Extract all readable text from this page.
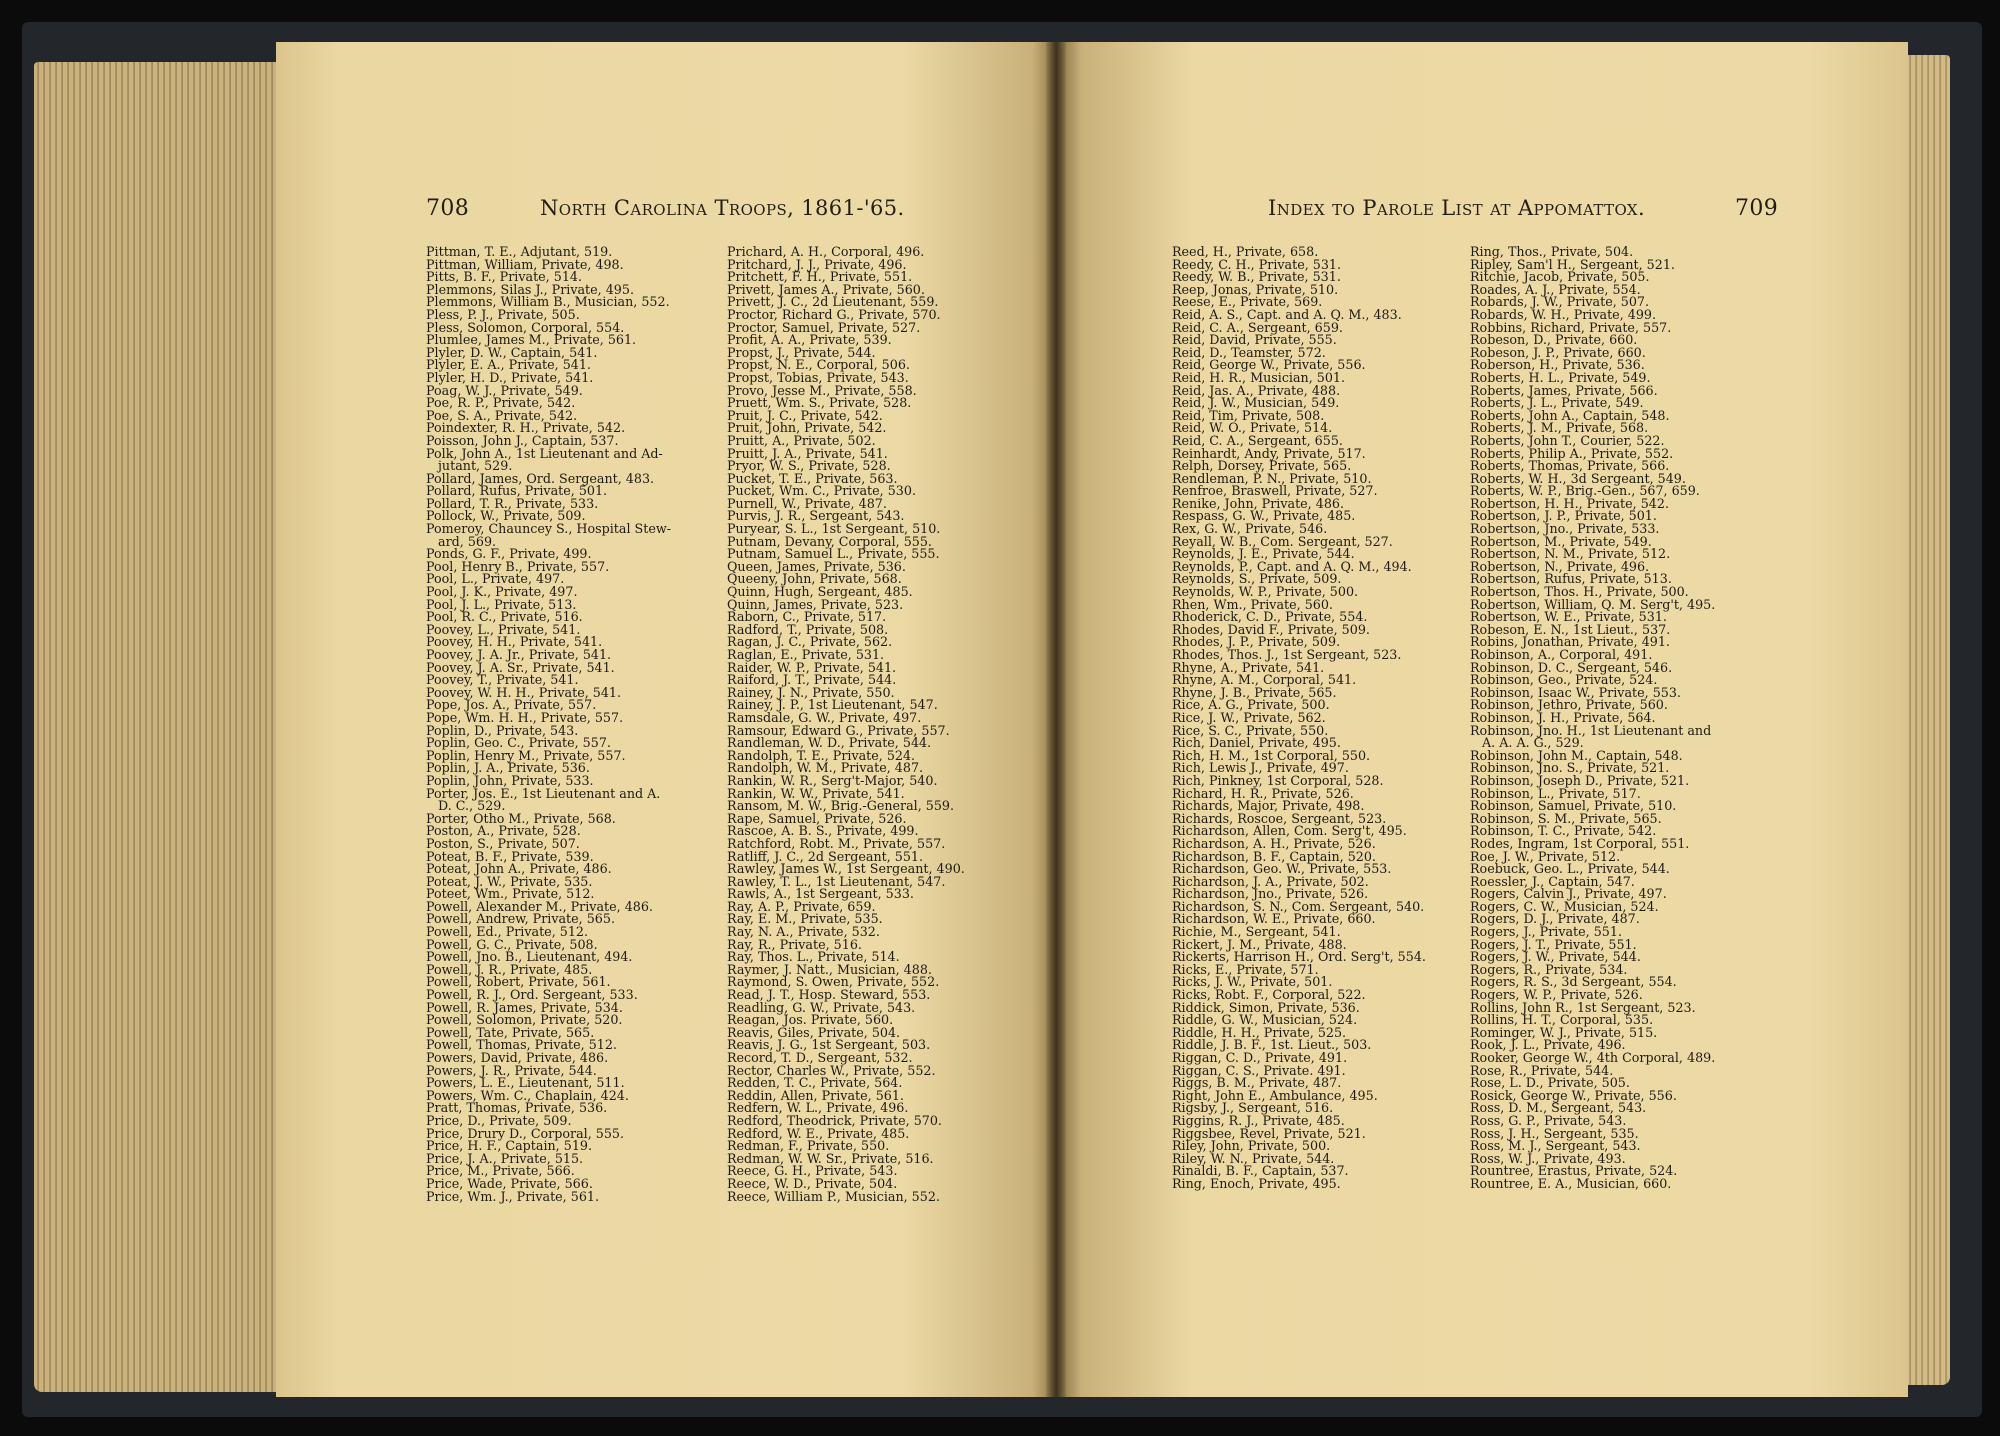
708	North Carolina Troops, 1861-'65.	Index to Parole List at Appomattox.	709
Pittman, T. E., Adjutant, 519.
Pittman, William, Private, 498.
Pitts, B. F., Private, 514.
Plemmons, Silas J., Private, 495.
Plemmons, William B., Musician, 552.
Pless, P. J., Private, 505.
Pless, Solomon, Corporal, 554.
Plumlee, James M., Private, 561.
Plyler, D. W., Captain, 541.
Plyler, E. A., Private, 541.
Plyler, H. D., Private, 541.
Poag, W. J., Private, 549.
Poe, R. P., Private, 542.
Poe, S. A., Private, 542.
Poindexter, R. H., Private, 542.
Poisson, John J., Captain, 537.
Polk, John A., 1st Lieutenant and Ad-
jutant, 529.
Pollard, James, Ord. Sergeant, 483.
Pollard, Rufus, Private, 501.
Pollard, T. R., Private, 533.
Pollock, W., Private, 509.
Pomeroy, Chauncey S., Hospital Stew-
ard, 569.
Ponds, G. F., Private, 499.
Pool, Henry B., Private, 557.
Pool, L., Private, 497.
Pool, J. K., Private, 497.
Pool, J. L., Private, 513.
Pool, R. C., Private, 516.
Poovey, L., Private, 541.
Poovey, H. H., Private, 541.
Poovey, J. A. Jr., Private, 541.
Poovey, J. A. Sr., Private, 541.
Poovey, T., Private, 541.
Poovey, W. H. H., Private, 541.
Pope, Jos. A., Private, 557.
Pope, Wm. H. H., Private, 557.
Poplin, D., Private, 543.
Poplin, Geo. C., Private, 557.
Poplin, Henry M., Private, 557.
Poplin, J. A., Private, 536.
Poplin, John, Private, 533.
Porter, Jos. E., 1st Lieutenant and A.
D. C., 529.
Porter, Otho M., Private, 568.
Poston, A., Private, 528.
Poston, S., Private, 507.
Poteat, B. F., Private, 539.
Poteat, John A., Private, 486.
Poteat, J. W., Private, 535.
Poteet, Wm., Private, 512.
Powell, Alexander M., Private, 486.
Powell, Andrew, Private, 565.
Powell, Ed., Private, 512.
Powell, G. C., Private, 508.
Powell, Jno. B., Lieutenant, 494.
Powell, J. R., Private, 485.
Powell, Robert, Private, 561.
Powell, R. J., Ord. Sergeant, 533.
Powell, R. James, Private, 534.
Powell, Solomon, Private, 520.
Powell, Tate, Private, 565.
Powell, Thomas, Private, 512.
Powers, David, Private, 486.
Powers, J. R., Private, 544.
Powers, L. E., Lieutenant, 511.
Powers, Wm. C., Chaplain, 424.
Pratt, Thomas, Private, 536.
Price, D., Private, 509.
Price, Drury D., Corporal, 555.
Price, H. F., Captain, 519.
Price, J. A., Private, 515.
Price, M., Private, 566.
Price, Wade, Private, 566.
Price, Wm. J., Private, 561.
Prichard, A. H., Corporal, 496.
Pritchard, J. J., Private, 496.
Pritchett, F. H., Private, 551.
Privett, James A., Private, 560.
Privett, J. C., 2d Lieutenant, 559.
Proctor, Richard G., Private, 570.
Proctor, Samuel, Private, 527.
Profit, A. A., Private, 539.
Propst, J., Private, 544.
Propst, N. E., Corporal, 506.
Propst, Tobias, Private, 543.
Provo, Jesse M., Private, 558.
Pruett, Wm. S., Private, 528.
Pruit, J. C., Private, 542.
Pruit, John, Private, 542.
Pruitt, A., Private, 502.
Pruitt, J. A., Private, 541.
Pryor, W. S., Private, 528.
Pucket, T. E., Private, 563.
Pucket, Wm. C., Private, 530.
Purnell, W., Private, 487.
Purvis, J. R., Sergeant, 543.
Puryear, S. L., 1st Sergeant, 510.
Putnam, Devany, Corporal, 555.
Putnam, Samuel L., Private, 555.
Queen, James, Private, 536.
Queeny, John, Private, 568.
Quinn, Hugh, Sergeant, 485.
Quinn, James, Private, 523.
Raborn, C., Private, 517.
Radford, T., Private, 508.
Ragan, J. C., Private, 562.
Raglan, E., Private, 531.
Raider, W. P., Private, 541.
Raiford, J. T., Private, 544.
Rainey, J. N., Private, 550.
Rainey, J. P., 1st Lieutenant, 547.
Ramsdale, G. W., Private, 497.
Ramsour, Edward G., Private, 557.
Randleman, W. D., Private, 544.
Randolph, T. E., Private, 524.
Randolph, W. M., Private, 487.
Rankin, W. R., Serg't-Major, 540.
Rankin, W. W., Private, 541.
Ransom, M. W., Brig.-General, 559.
Rape, Samuel, Private, 526.
Rascoe, A. B. S., Private, 499.
Ratchford, Robt. M., Private, 557.
Ratliff, J. C., 2d Sergeant, 551.
Rawley, James W., 1st Sergeant, 490.
Rawley, T. L., 1st Lieutenant, 547.
Rawls, A., 1st Sergeant, 533.
Ray, A. P., Private, 659.
Ray, E. M., Private, 535.
Ray, N. A., Private, 532.
Ray, R., Private, 516.
Ray, Thos. L., Private, 514.
Raymer, J. Natt., Musician, 488.
Raymond, S. Owen, Private, 552.
Read, J. T., Hosp. Steward, 553.
Readling, G. W., Private, 543.
Reagan, Jos. Private, 560.
Reavis, Giles, Private, 504.
Reavis, J. G., 1st Sergeant, 503.
Record, T. D., Sergeant, 532.
Rector, Charles W., Private, 552.
Redden, T. C., Private, 564.
Reddin, Allen, Private, 561.
Redfern, W. L., Private, 496.
Redford, Theodrick, Private, 570.
Redford, W. E., Private, 485.
Redman, F., Private, 550.
Redman, W. W. Sr., Private, 516.
Reece, G. H., Private, 543.
Reece, W. D., Private, 504.
Reece, William P., Musician, 552.
Reed, H., Private, 658.
Reedy, C. H., Private, 531.
Reedy, W. B., Private, 531.
Reep, Jonas, Private, 510.
Reese, E., Private, 569.
Reid, A. S., Capt. and A. Q. M., 483.
Reid, C. A., Sergeant, 659.
Reid, David, Private, 555.
Reid, D., Teamster, 572.
Reid, George W., Private, 556.
Reid, H. R., Musician, 501.
Reid, Jas. A., Private, 488.
Reid, J. W., Musician, 549.
Reid, Tim, Private, 508.
Reid, W. O., Private, 514.
Reid, C. A., Sergeant, 655.
Reinhardt, Andy, Private, 517.
Relph, Dorsey, Private, 565.
Rendleman, P. N., Private, 510.
Renfroe, Braswell, Private, 527.
Renike, John, Private, 486.
Respass, G. W., Private, 485.
Rex, G. W., Private, 546.
Reyall, W. B., Com. Sergeant, 527.
Reynolds, J. E., Private, 544.
Reynolds, P., Capt. and A. Q. M., 494.
Reynolds, S., Private, 509.
Reynolds, W. P., Private, 500.
Rhen, Wm., Private, 560.
Rhoderick, C. D., Private, 554.
Rhodes, David F., Private, 509.
Rhodes, J. P., Private, 509.
Rhodes, Thos. J., 1st Sergeant, 523.
Rhyne, A., Private, 541.
Rhyne, A. M., Corporal, 541.
Rhyne, J. B., Private, 565.
Rice, A. G., Private, 500.
Rice, J. W., Private, 562.
Rice, S. C., Private, 550.
Rich, Daniel, Private, 495.
Rich, H. M., 1st Corporal, 550.
Rich, Lewis J., Private, 497.
Rich, Pinkney, 1st Corporal, 528.
Richard, H. R., Private, 526.
Richards, Major, Private, 498.
Richards, Roscoe, Sergeant, 523.
Richardson, Allen, Com. Serg't, 495.
Richardson, A. H., Private, 526.
Richardson, B. F., Captain, 520.
Richardson, Geo. W., Private, 553.
Richardson, J. A., Private, 502.
Richardson, Jno., Private, 526.
Richardson, S. N., Com. Sergeant, 540.
Richardson, W. E., Private, 660.
Richie, M., Sergeant, 541.
Rickert, J. M., Private, 488.
Rickerts, Harrison H., Ord. Serg't, 554.
Ricks, E., Private, 571.
Ricks, J. W., Private, 501.
Ricks, Robt. F., Corporal, 522.
Riddick, Simon, Private, 536.
Riddle, G. W., Musician, 524.
Riddle, H. H., Private, 525.
Riddle, J. B. F., 1st. Lieut., 503.
Riggan, C. D., Private, 491.
Riggan, C. S., Private. 491.
Riggs, B. M., Private, 487.
Right, John E., Ambulance, 495.
Rigsby, J., Sergeant, 516.
Riggins, R. J., Private, 485.
Riggsbee, Revel, Private, 521.
Riley, John, Private, 500.
Riley, W. N., Private, 544.
Rinaldi, B. F., Captain, 537.
Ring, Enoch, Private, 495.
Ring, Thos., Private, 504.
Ripley, Sam'l H., Sergeant, 521.
Ritchie, Jacob, Private, 505.
Roades, A. J., Private, 554.
Robards, J. W., Private, 507.
Robards, W. H., Private, 499.
Robbins, Richard, Private, 557.
Robeson, D., Private, 660.
Robeson, J. P., Private, 660.
Roberson, H., Private, 536.
Roberts, H. L., Private, 549.
Roberts, James, Private, 566.
Roberts, J. L., Private, 549.
Roberts, John A., Captain, 548.
Roberts, J. M., Private, 568.
Roberts, John T., Courier, 522.
Roberts, Philip A., Private, 552.
Roberts, Thomas, Private, 566.
Roberts, W. H., 3d Sergeant, 549.
Roberts, W. P., Brig.-Gen., 567, 659.
Robertson, H. H., Private, 542.
Robertson, J. P., Private, 501.
Robertson, Jno., Private, 533.
Robertson, M., Private, 549.
Robertson, N. M., Private, 512.
Robertson, N., Private, 496.
Robertson, Rufus, Private, 513.
Robertson, Thos. H., Private, 500.
Robertson, William, Q. M. Serg't, 495.
Robertson, W. E., Private, 531.
Robeson, E. N., 1st Lieut., 537.
Robins, Jonathan, Private, 491.
Robinson, A., Corporal, 491.
Robinson, D. C., Sergeant, 546.
Robinson, Geo., Private, 524.
Robinson, Isaac W., Private, 553.
Robinson, Jethro, Private, 560.
Robinson, J. H., Private, 564.
Robinson, Jno. H., 1st Lieutenant and
A. A. A. G., 529.
Robinson, John M., Captain, 548.
Robinson, Jno. S., Private, 521.
Robinson, Joseph D., Private, 521.
Robinson, L., Private, 517.
Robinson, Samuel, Private, 510.
Robinson, S. M., Private, 565.
Robinson, T. C., Private, 542.
Rodes, Ingram, 1st Corporal, 551.
Roe, J. W., Private, 512.
Roebuck, Geo. L., Private, 544.
Roessler, J., Captain, 547.
Rogers, Calvin J., Private, 497.
Rogers, C. W., Musician, 524.
Rogers, D. J., Private, 487.
Rogers, J., Private, 551.
Rogers, J. T., Private, 551.
Rogers, J. W., Private, 544.
Rogers, R., Private, 534.
Rogers, R. S., 3d Sergeant, 554.
Rogers, W. P., Private, 526.
Rollins, John R., 1st Sergeant, 523.
Rollins, H. T., Corporal, 535.
Rominger, W. J., Private, 515.
Rook, J. L., Private, 496.
Rooker, George W., 4th Corporal, 489.
Rose, R., Private, 544.
Rose, L. D., Private, 505.
Rosick, George W., Private, 556.
Ross, D. M., Sergeant, 543.
Ross, G. P., Private, 543.
Ross, J. H., Sergeant, 535.
Ross, M. J., Sergeant, 543.
Ross, W. J., Private, 493.
Rountree, Erastus, Private, 524.
Rountree, E. A., Musician, 660.
